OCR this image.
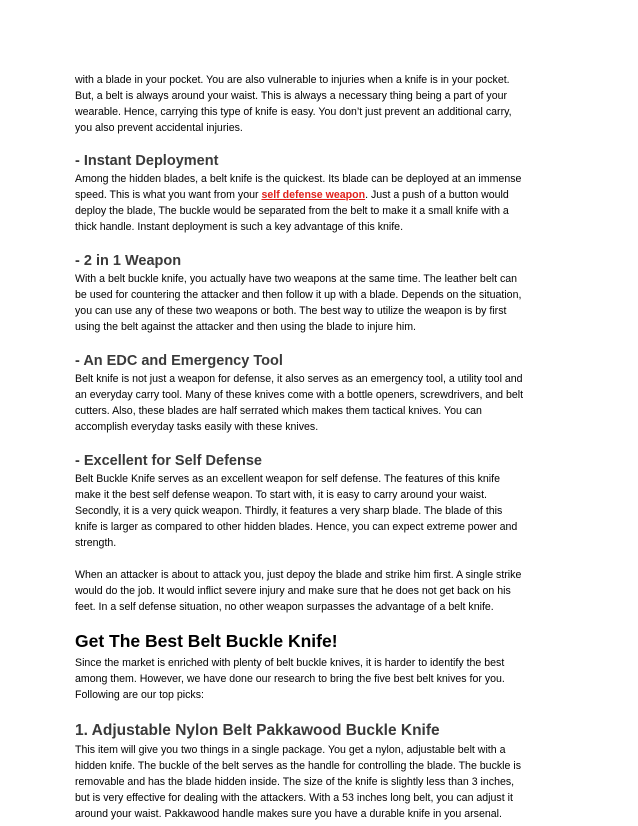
with a blade in your pocket. You are also vulnerable to injuries when a knife is in your pocket.
But, a belt is always around your waist. This is always a necessary thing being a part of your
wearable. Hence, carrying this type of knife is easy. You don’t just prevent an additional carry,
you also prevent accidental injuries.

- Instant Deployment

Among the hidden blades, a belt knife is the quickest. Its blade can be deployed at an immense
speed. This is what you want from your self defense weapon. Just a push of a button would
deploy the blade, The buckle would be separated from the belt to make it a small knife with a
thick handle. Instant deployment is such a key advantage of this knife.

- 2 in 1 Weapon

With a belt buckle knife, you actually have two weapons at the same time. The leather belt can
be used for countering the attacker and then follow it up with a blade. Depends on the situation,
you can use any of these two weapons or both. The best way to utilize the weapon is by first
using the belt against the attacker and then using the blade to injure him.

- An EDC and Emergency Tool

Belt knife is not just a weapon for defense, it also serves as an emergency tool, a utility tool and
an everyday carry tool. Many of these knives come with a bottle openers, screwdrivers, and belt
cutters. Also, these blades are half serrated which makes them tactical knives. You can
accomplish everyday tasks easily with these knives.

- Excellent for Self Defense

Belt Buckle Knife serves as an excellent weapon for self defense. The features of this knife
make it the best self defense weapon. To start with, it is easy to carry around your waist.
Secondly, it is a very quick weapon. Thirdly, it features a very sharp blade. The blade of this
knife is larger as compared to other hidden blades. Hence, you can expect extreme power and
strength.

When an attacker is about to attack you, just depoy the blade and strike him first. A single strike
would do the job. It would inflict severe injury and make sure that he does not get back on his
feet. In a self defense situation, no other weapon surpasses the advantage of a belt knife.

Get The Best Belt Buckle Knife!

Since the market is enriched with plenty of belt buckle knives, it is harder to identify the best
among them. However, we have done our research to bring the five best belt knives for you.
Following are our top picks:

1. Adjustable Nylon Belt Pakkawood Buckle Knife

This item will give you two things in a single package. You get a nylon, adjustable belt with a
hidden knife. The buckle of the belt serves as the handle for controlling the blade. The buckle is
removable and has the blade hidden inside. The size of the knife is slightly less than 3 inches,
but is very effective for dealing with the attackers. With a 53 inches long belt, you can adjust it
around your waist. Pakkawood handle makes sure you have a durable knife in you arsenal.
